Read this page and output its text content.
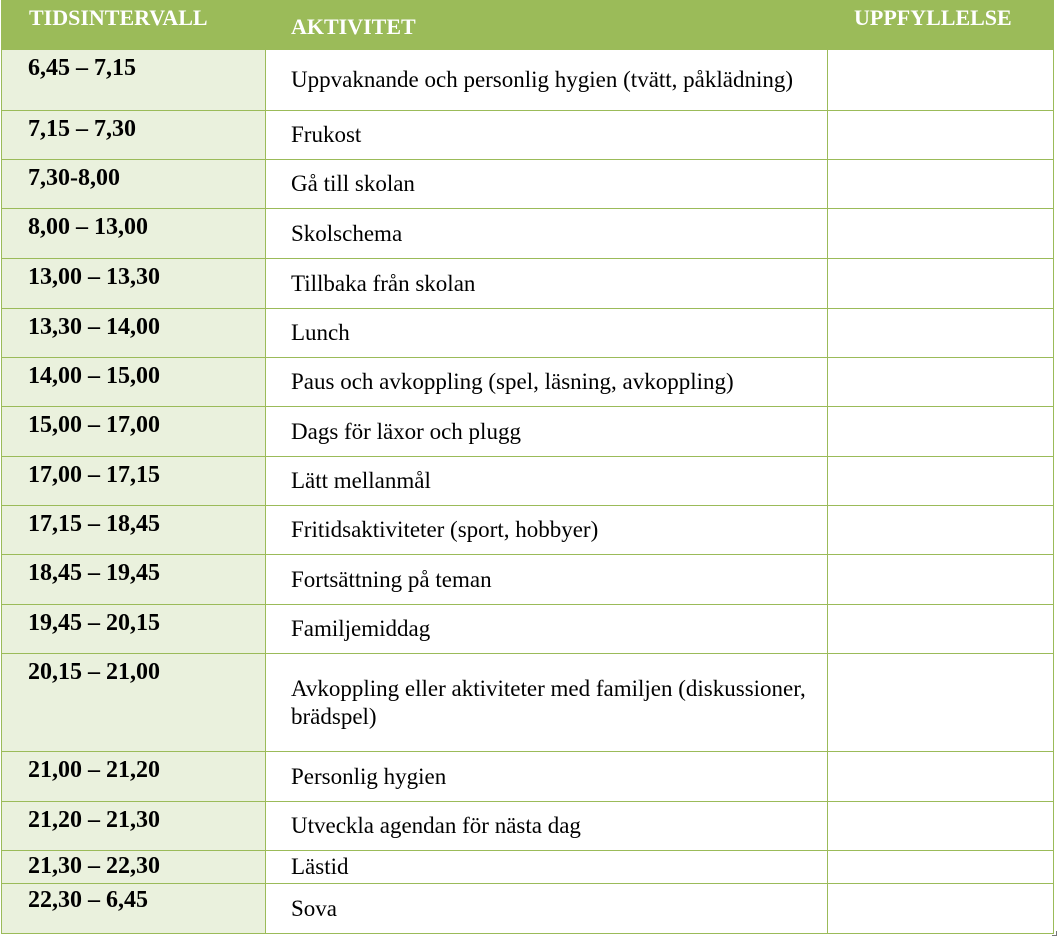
TIDSINTERVALL	AKTIVITET	UPPFYLLELSE
6,45 – 7,15	Uppvaknande och personlig hygien (tvätt, påklädning)	
7,15 – 7,30	Frukost	
7,30-8,00	Gå till skolan	
8,00 – 13,00	Skolschema	
13,00 – 13,30	Tillbaka från skolan	
13,30 – 14,00	Lunch	
14,00 – 15,00	Paus och avkoppling (spel, läsning, avkoppling)	
15,00 – 17,00	Dags för läxor och plugg	
17,00 – 17,15	Lätt mellanmål	
17,15 – 18,45	Fritidsaktiviteter (sport, hobbyer)	
18,45 – 19,45	Fortsättning på teman	
19,45 – 20,15	Familjemiddag	
20,15 – 21,00	Avkoppling eller aktiviteter med familjen (diskussioner, brädspel)	
21,00 – 21,20	Personlig hygien	
21,20 – 21,30	Utveckla agendan för nästa dag	
21,30 – 22,30	Lästid	
22,30 – 6,45	Sova	
